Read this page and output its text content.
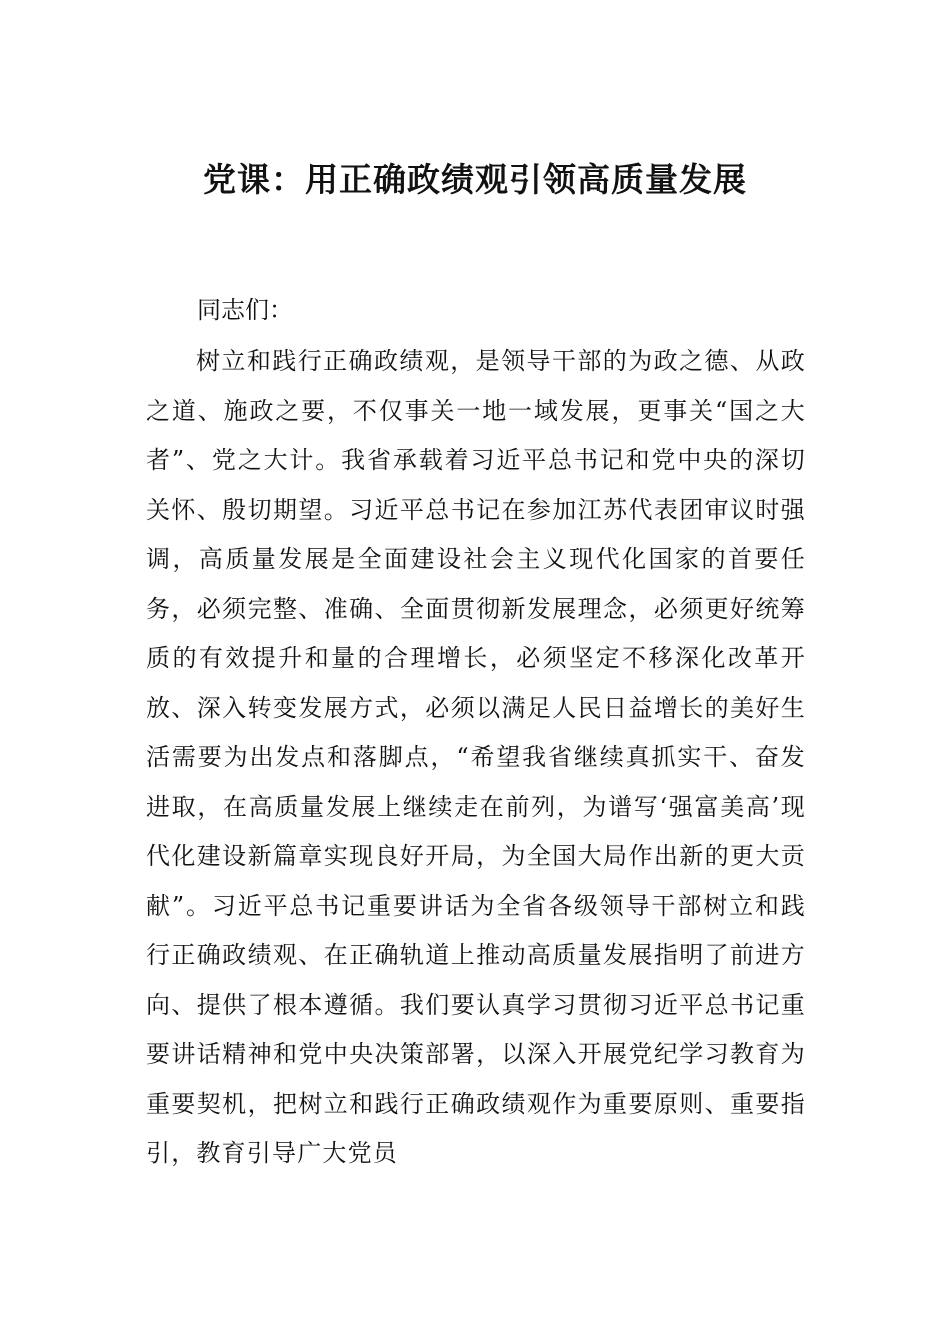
党课：用正确政绩观引领高质量发展

同志们：

树立和践行正确政绩观，是领导干部的为政之德、从政之道、施政之要，不仅事关一地一域发展，更事关“国之大者”、党之大计。我省承载着习近平总书记和党中央的深切关怀、殷切期望。习近平总书记在参加江苏代表团审议时强调，高质量发展是全面建设社会主义现代化国家的首要任务，必须完整、准确、全面贯彻新发展理念，必须更好统筹质的有效提升和量的合理增长，必须坚定不移深化改革开放、深入转变发展方式，必须以满足人民日益增长的美好生活需要为出发点和落脚点，“希望我省继续真抓实干、奋发进取，在高质量发展上继续走在前列，为谱写‘强富美高’现代化建设新篇章实现良好开局，为全国大局作出新的更大贡献”。习近平总书记重要讲话为全省各级领导干部树立和践行正确政绩观、在正确轨道上推动高质量发展指明了前进方向、提供了根本遵循。我们要认真学习贯彻习近平总书记重要讲话精神和党中央决策部署，以深入开展党纪学习教育为重要契机，把树立和践行正确政绩观作为重要原则、重要指引，教育引导广大党员
